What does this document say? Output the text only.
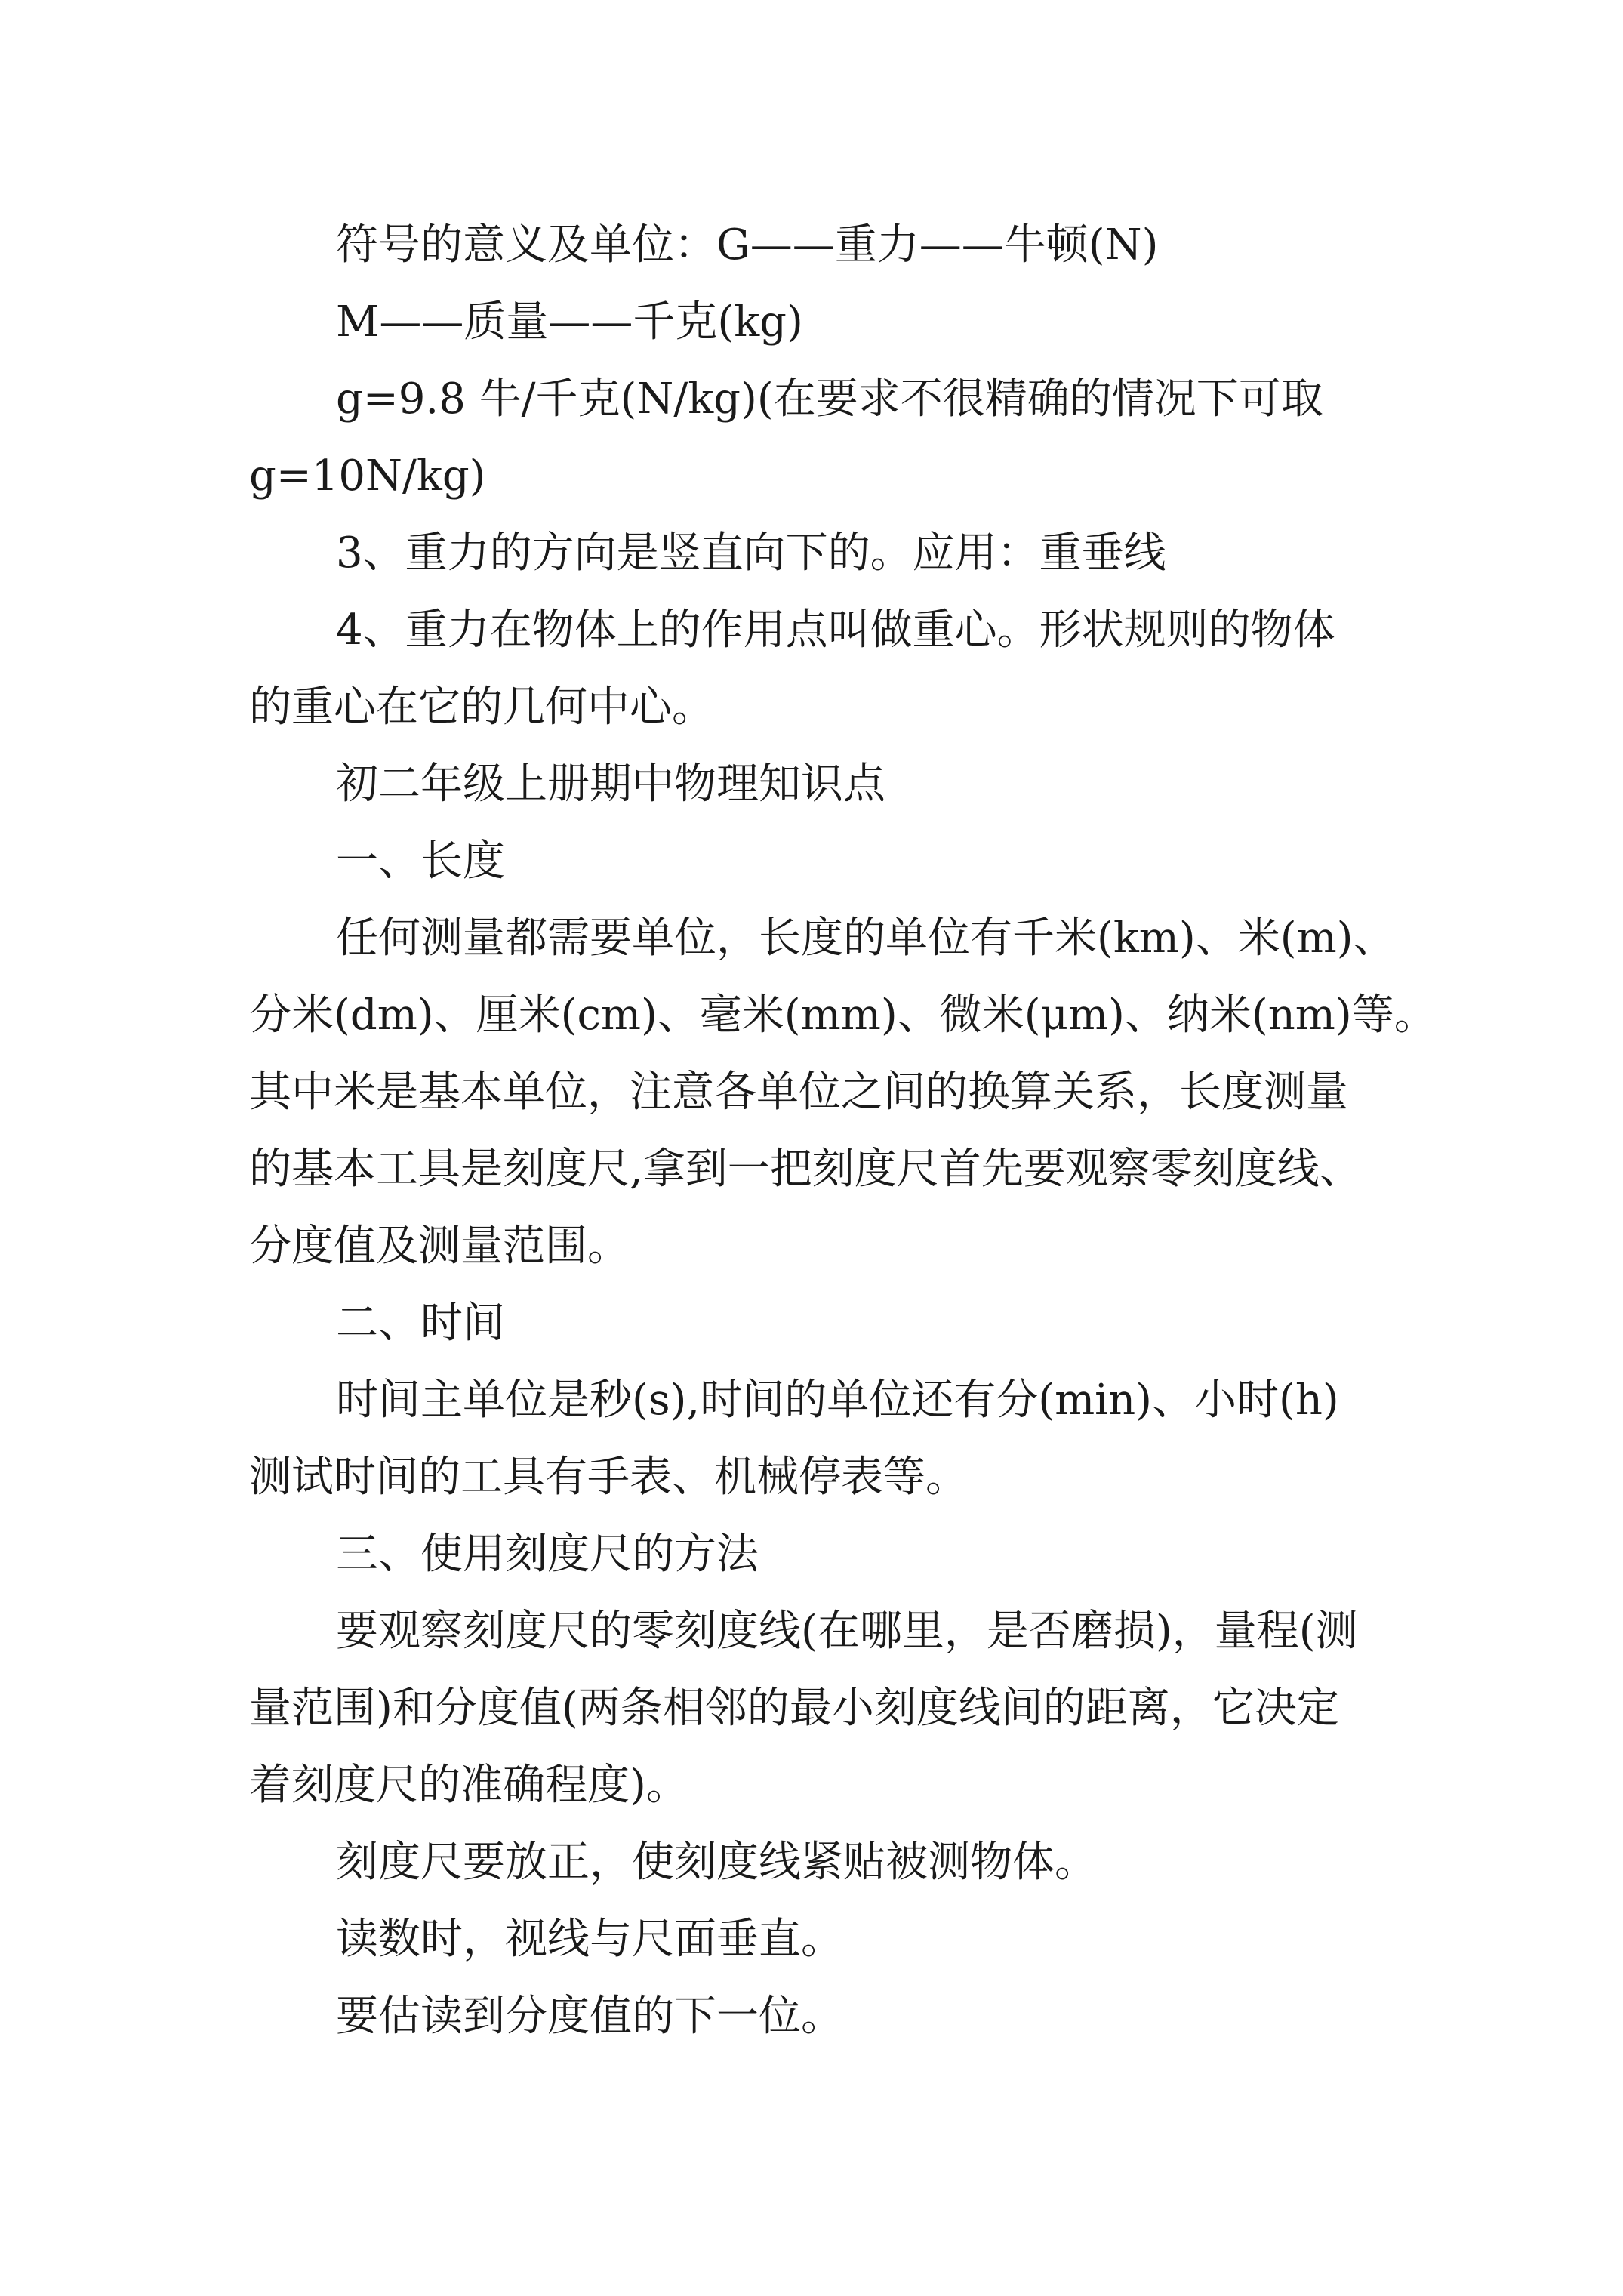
符号的意义及单位：G——重力——牛顿(N)
M——质量——千克(kg)
g=9.8 牛/千克(N/kg)(在要求不很精确的情况下可取
g=10N/kg)
3、重力的方向是竖直向下的。应用：重垂线
4、重力在物体上的作用点叫做重心。形状规则的物体
的重心在它的几何中心。
初二年级上册期中物理知识点
一、长度
任何测量都需要单位，长度的单位有千米(km)、米(m)、
分米(dm)、厘米(cm)、毫米(mm)、微米(μm)、纳米(nm)等。
其中米是基本单位，注意各单位之间的换算关系，长度测量
的基本工具是刻度尺,拿到一把刻度尺首先要观察零刻度线、
分度值及测量范围。
二、时间
时间主单位是秒(s),时间的单位还有分(min)、小时(h)
测试时间的工具有手表、机械停表等。
三、使用刻度尺的方法
要观察刻度尺的零刻度线(在哪里，是否磨损)，量程(测
量范围)和分度值(两条相邻的最小刻度线间的距离，它决定
着刻度尺的准确程度)。
刻度尺要放正，使刻度线紧贴被测物体。
读数时，视线与尺面垂直。
要估读到分度值的下一位。
